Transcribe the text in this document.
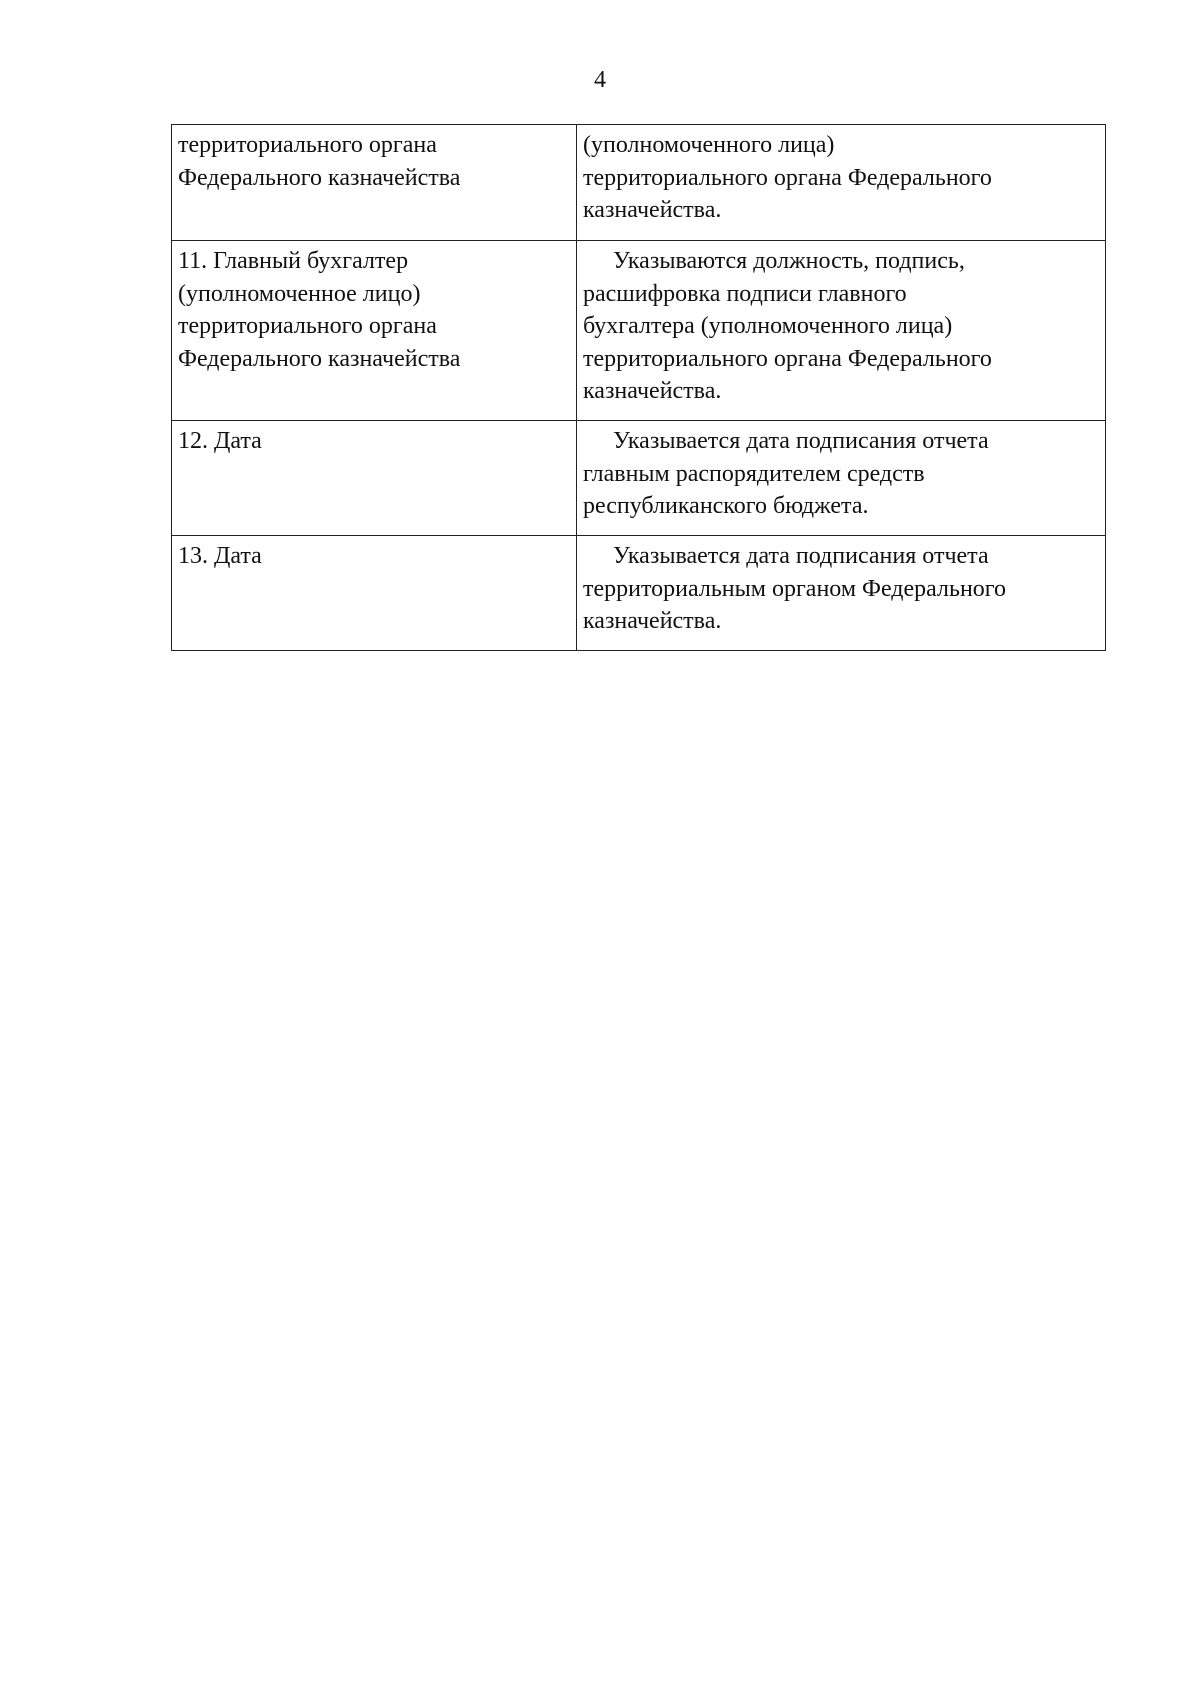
4
территориального органа
Федерального казначейства	(уполномоченного лица)
территориального органа Федерального
казначейства.

11. Главный бухгалтер
(уполномоченное лицо)
территориального органа
Федерального казначейства	Указываются должность, подпись,
расшифровка подписи главного
бухгалтера (уполномоченного лица)
территориального органа Федерального
казначейства.

12. Дата	Указывается дата подписания отчета
главным распорядителем средств
республиканского бюджета.

13. Дата	Указывается дата подписания отчета
территориальным органом Федерального
казначейства.
